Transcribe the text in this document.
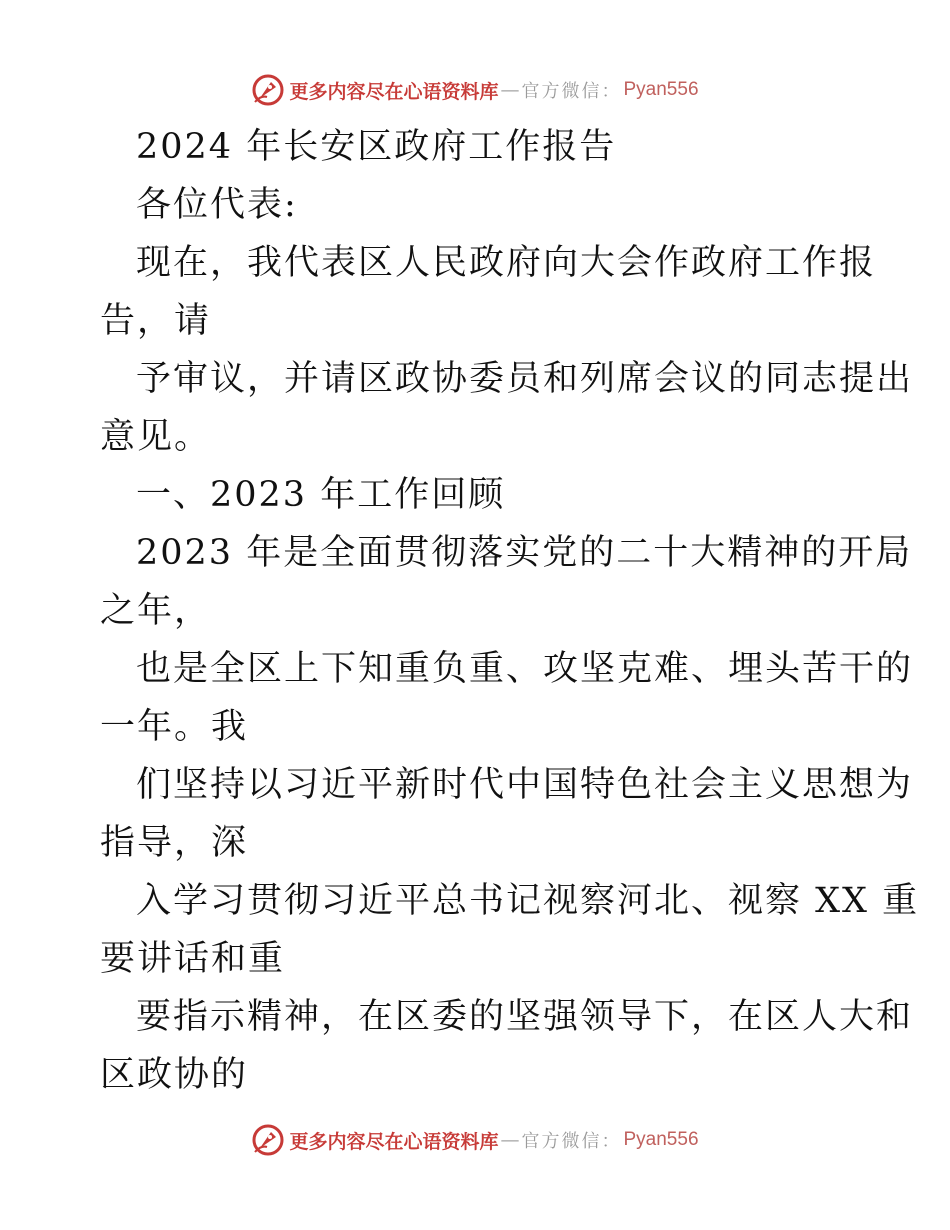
更多内容尽在心语资料库 — 官方微信： Pyan556
2024 年长安区政府工作报告
各位代表:
现在，我代表区人民政府向大会作政府工作报
告，请
予审议，并请区政协委员和列席会议的同志提出
意见。
一、2023 年工作回顾
2023 年是全面贯彻落实党的二十大精神的开局
之年，
也是全区上下知重负重、攻坚克难、埋头苦干的
一年。我
们坚持以习近平新时代中国特色社会主义思想为
指导，深
入学习贯彻习近平总书记视察河北、视察 XX 重
要讲话和重
要指示精神，在区委的坚强领导下，在区人大和
区政协的
更多内容尽在心语资料库 — 官方微信： Pyan556
